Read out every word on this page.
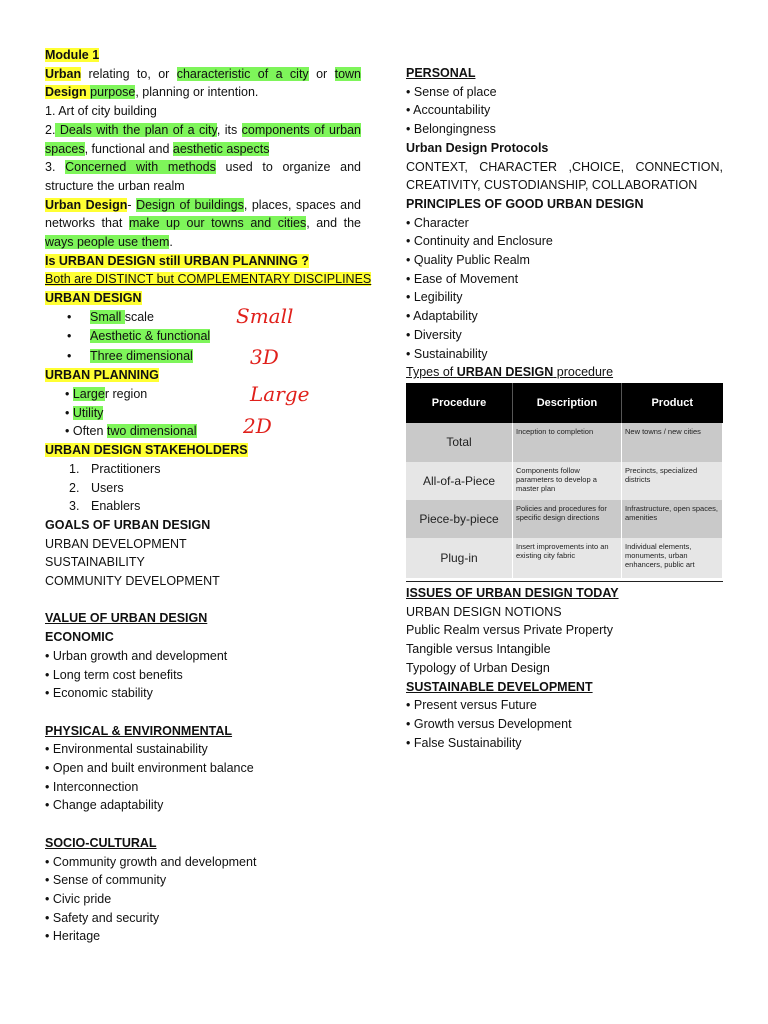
Module 1
Urban relating to, or characteristic of a city or town
Design purpose, planning or intention.
1. Art of city building
2. Deals with the plan of a city, its components of urban
spaces, functional and aesthetic aspects
3. Concerned with methods used to organize and
structure the urban realm
Urban Design- Design of buildings, places, spaces and
networks that make up our towns and cities, and the
ways people use them.
Is URBAN DESIGN still URBAN PLANNING ?
Both are DISTINCT but COMPLEMENTARY DISCIPLINES
URBAN DESIGN
• Small scale
• Aesthetic & functional
• Three dimensional
URBAN PLANNING
• Larger region
• Utility
• Often two dimensional
URBAN DESIGN STAKEHOLDERS
1. Practitioners
2. Users
3. Enablers
GOALS OF URBAN DESIGN
URBAN DEVELOPMENT
SUSTAINABILITY
COMMUNITY DEVELOPMENT
VALUE OF URBAN DESIGN
ECONOMIC
• Urban growth and development
• Long term cost benefits
• Economic stability
PHYSICAL & ENVIRONMENTAL
• Environmental sustainability
• Open and built environment balance
• Interconnection
• Change adaptability
SOCIO-CULTURAL
• Community growth and development
• Sense of community
• Civic pride
• Safety and security
• Heritage
Small
3D
Large
2D
PERSONAL
• Sense of place
• Accountability
• Belongingness
Urban Design Protocols
CONTEXT, CHARACTER ,CHOICE, CONNECTION,
CREATIVITY, CUSTODIANSHIP, COLLABORATION
PRINCIPLES OF GOOD URBAN DESIGN
• Character
• Continuity and Enclosure
• Quality Public Realm
• Ease of Movement
• Legibility
• Adaptability
• Diversity
• Sustainability
Types of URBAN DESIGN procedure
Procedure	Description	Product
Total	Inception to completion	New towns / new cities
All-of-a-Piece	Components follow parameters to develop a master plan	Precincts, specialized districts
Piece-by-piece	Policies and procedures for specific design directions	Infrastructure, open spaces, amenities
Plug-in	Insert improvements into an existing city fabric	Individual elements, monuments, urban enhancers, public art
ISSUES OF URBAN DESIGN TODAY
URBAN DESIGN NOTIONS
Public Realm versus Private Property
Tangible versus Intangible
Typology of Urban Design
SUSTAINABLE DEVELOPMENT
• Present versus Future
• Growth versus Development
• False Sustainability
